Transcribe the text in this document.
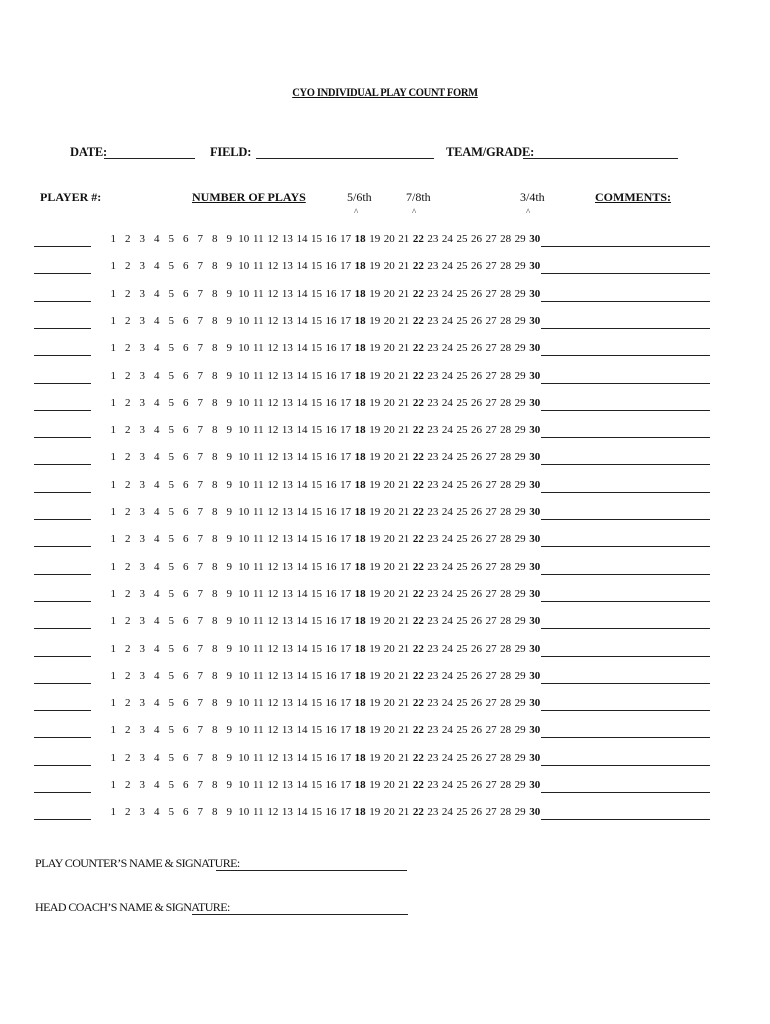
CYO INDIVIDUAL PLAY COUNT FORM
DATE:	FIELD:	TEAM/GRADE:
PLAYER #:	NUMBER OF PLAYS	5/6th	7/8th	3/4th	COMMENTS:
^	^	^
1 2 3 4 5 6 7 8 9 10 11 12 13 14 15 16 17 18 19 20 21 22 23 24 25 26 27 28 29 30
1 2 3 4 5 6 7 8 9 10 11 12 13 14 15 16 17 18 19 20 21 22 23 24 25 26 27 28 29 30
1 2 3 4 5 6 7 8 9 10 11 12 13 14 15 16 17 18 19 20 21 22 23 24 25 26 27 28 29 30
1 2 3 4 5 6 7 8 9 10 11 12 13 14 15 16 17 18 19 20 21 22 23 24 25 26 27 28 29 30
1 2 3 4 5 6 7 8 9 10 11 12 13 14 15 16 17 18 19 20 21 22 23 24 25 26 27 28 29 30
1 2 3 4 5 6 7 8 9 10 11 12 13 14 15 16 17 18 19 20 21 22 23 24 25 26 27 28 29 30
1 2 3 4 5 6 7 8 9 10 11 12 13 14 15 16 17 18 19 20 21 22 23 24 25 26 27 28 29 30
1 2 3 4 5 6 7 8 9 10 11 12 13 14 15 16 17 18 19 20 21 22 23 24 25 26 27 28 29 30
1 2 3 4 5 6 7 8 9 10 11 12 13 14 15 16 17 18 19 20 21 22 23 24 25 26 27 28 29 30
1 2 3 4 5 6 7 8 9 10 11 12 13 14 15 16 17 18 19 20 21 22 23 24 25 26 27 28 29 30
1 2 3 4 5 6 7 8 9 10 11 12 13 14 15 16 17 18 19 20 21 22 23 24 25 26 27 28 29 30
1 2 3 4 5 6 7 8 9 10 11 12 13 14 15 16 17 18 19 20 21 22 23 24 25 26 27 28 29 30
1 2 3 4 5 6 7 8 9 10 11 12 13 14 15 16 17 18 19 20 21 22 23 24 25 26 27 28 29 30
1 2 3 4 5 6 7 8 9 10 11 12 13 14 15 16 17 18 19 20 21 22 23 24 25 26 27 28 29 30
1 2 3 4 5 6 7 8 9 10 11 12 13 14 15 16 17 18 19 20 21 22 23 24 25 26 27 28 29 30
1 2 3 4 5 6 7 8 9 10 11 12 13 14 15 16 17 18 19 20 21 22 23 24 25 26 27 28 29 30
1 2 3 4 5 6 7 8 9 10 11 12 13 14 15 16 17 18 19 20 21 22 23 24 25 26 27 28 29 30
1 2 3 4 5 6 7 8 9 10 11 12 13 14 15 16 17 18 19 20 21 22 23 24 25 26 27 28 29 30
1 2 3 4 5 6 7 8 9 10 11 12 13 14 15 16 17 18 19 20 21 22 23 24 25 26 27 28 29 30
1 2 3 4 5 6 7 8 9 10 11 12 13 14 15 16 17 18 19 20 21 22 23 24 25 26 27 28 29 30
1 2 3 4 5 6 7 8 9 10 11 12 13 14 15 16 17 18 19 20 21 22 23 24 25 26 27 28 29 30
1 2 3 4 5 6 7 8 9 10 11 12 13 14 15 16 17 18 19 20 21 22 23 24 25 26 27 28 29 30
PLAY COUNTER’S NAME & SIGNATURE:
HEAD COACH’S NAME & SIGNATURE:
